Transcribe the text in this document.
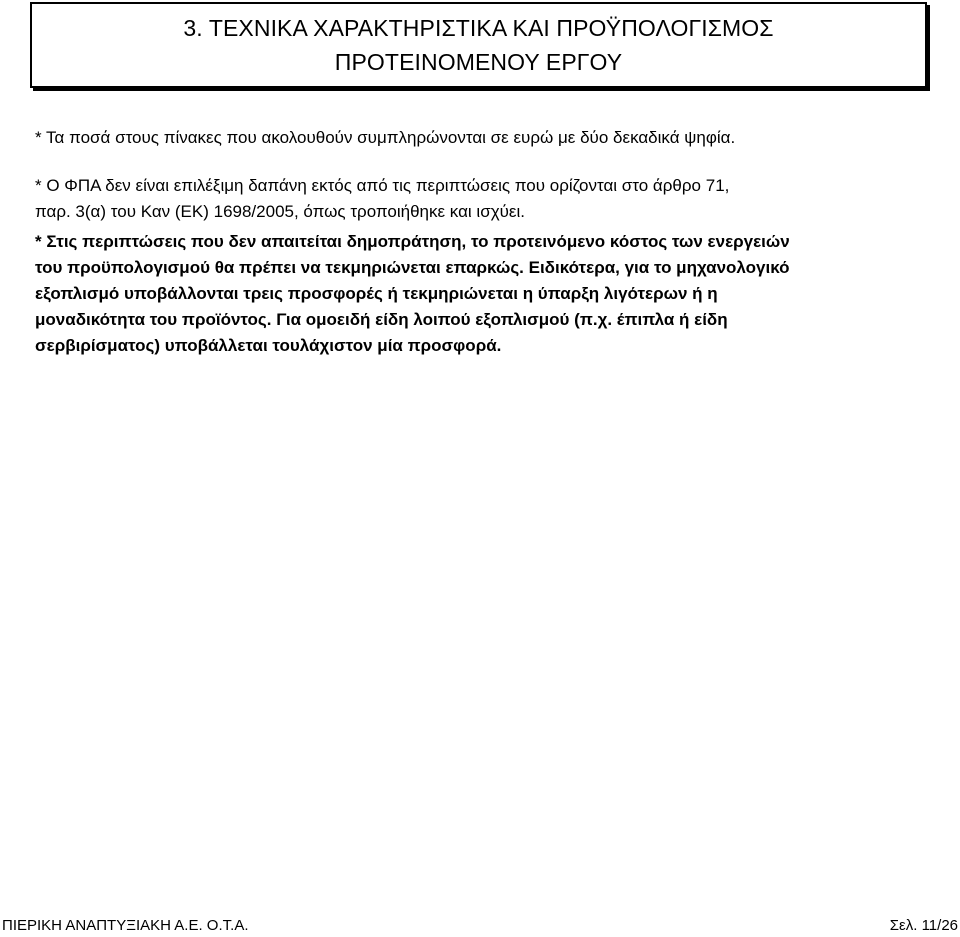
3. ΤΕΧΝΙΚΑ ΧΑΡΑΚΤΗΡΙΣΤΙΚΑ ΚΑΙ ΠΡΟΫΠΟΛΟΓΙΣΜΟΣ
ΠΡΟΤΕΙΝΟΜΕΝΟΥ ΕΡΓΟΥ

* Τα ποσά στους πίνακες που ακολουθούν συμπληρώνονται σε ευρώ με δύο δεκαδικά ψηφία.

* Ο ΦΠΑ δεν είναι επιλέξιμη δαπάνη εκτός από τις περιπτώσεις που ορίζονται στο άρθρο 71,
παρ. 3(α) του Καν (ΕΚ) 1698/2005, όπως τροποιήθηκε και ισχύει.

* Στις περιπτώσεις που δεν απαιτείται δημοπράτηση, το προτεινόμενο κόστος των ενεργειών
του προϋπολογισμού θα πρέπει να τεκμηριώνεται επαρκώς. Ειδικότερα, για το μηχανολογικό
εξοπλισμό υποβάλλονται τρεις προσφορές ή τεκμηριώνεται η ύπαρξη λιγότερων ή η
μοναδικότητα του προϊόντος. Για ομοειδή είδη λοιπού εξοπλισμού (π.χ. έπιπλα ή είδη
σερβιρίσματος) υποβάλλεται τουλάχιστον μία προσφορά.

ΠΙΕΡΙΚΗ ΑΝΑΠΤΥΞΙΑΚΗ Α.Ε. Ο.Τ.Α.	Σελ. 11/26
